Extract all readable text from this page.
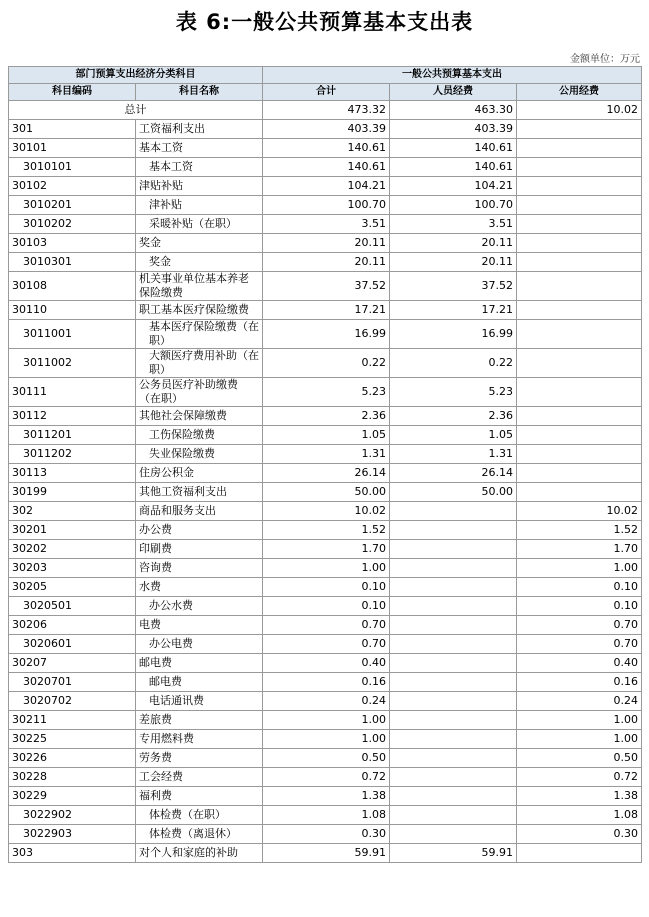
表 6:一般公共预算基本支出表
金额单位：万元
部门预算支出经济分类科目		一般公共预算基本支出		
科目编码	科目名称	合计	人员经费	公用经费
总计		473.32	463.30	10.02
301	工资福利支出	403.39	403.39	
30101	基本工资	140.61	140.61	
3010101	基本工资	140.61	140.61	
30102	津贴补贴	104.21	104.21	
3010201	津补贴	100.70	100.70	
3010202	采暖补贴（在职）	3.51	3.51	
30103	奖金	20.11	20.11	
3010301	奖金	20.11	20.11	
30108	机关事业单位基本养老保险缴费	37.52	37.52	
30110	职工基本医疗保险缴费	17.21	17.21	
3011001	基本医疗保险缴费（在职）	16.99	16.99	
3011002	大额医疗费用补助（在职）	0.22	0.22	
30111	公务员医疗补助缴费（在职）	5.23	5.23	
30112	其他社会保障缴费	2.36	2.36	
3011201	工伤保险缴费	1.05	1.05	
3011202	失业保险缴费	1.31	1.31	
30113	住房公积金	26.14	26.14	
30199	其他工资福利支出	50.00	50.00	
302	商品和服务支出	10.02		10.02
30201	办公费	1.52		1.52
30202	印刷费	1.70		1.70
30203	咨询费	1.00		1.00
30205	水费	0.10		0.10
3020501	办公水费	0.10		0.10
30206	电费	0.70		0.70
3020601	办公电费	0.70		0.70
30207	邮电费	0.40		0.40
3020701	邮电费	0.16		0.16
3020702	电话通讯费	0.24		0.24
30211	差旅费	1.00		1.00
30225	专用燃料费	1.00		1.00
30226	劳务费	0.50		0.50
30228	工会经费	0.72		0.72
30229	福利费	1.38		1.38
3022902	体检费（在职）	1.08		1.08
3022903	体检费（离退休）	0.30		0.30
303	对个人和家庭的补助	59.91	59.91	
